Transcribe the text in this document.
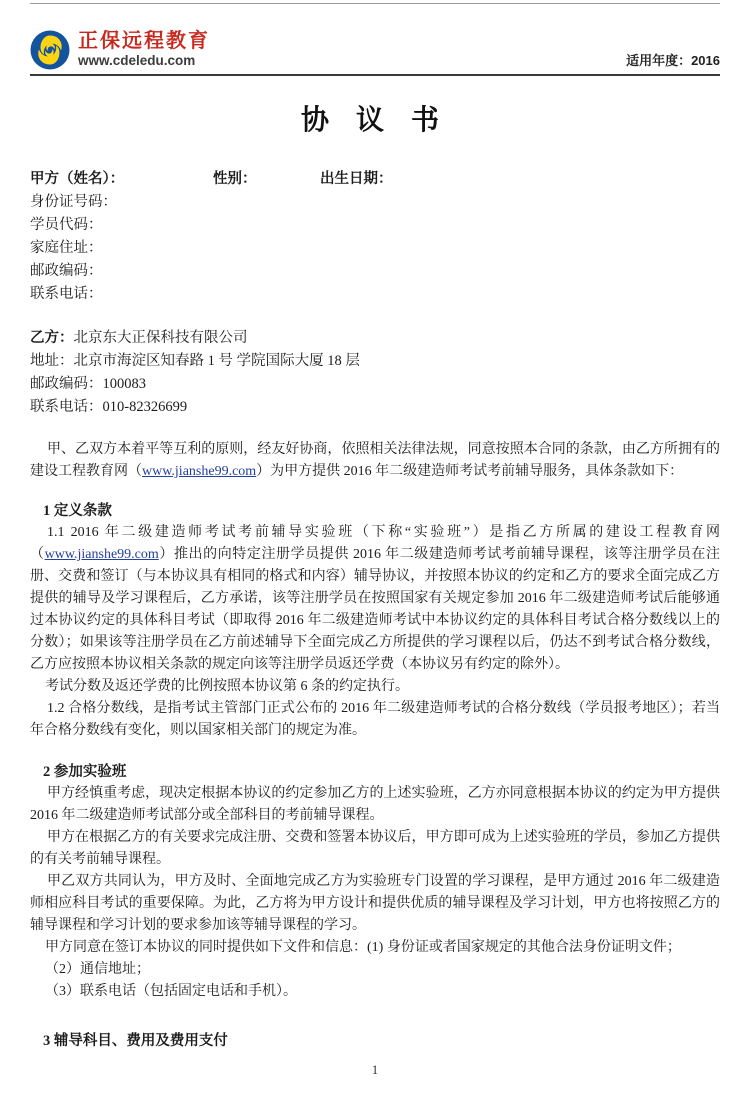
正保远程教育
www.cdeledu.com	适用年度：2016
协 议 书
甲方（姓名）：	性别：	出生日期：
身份证号码：
学员代码：
家庭住址：
邮政编码：
联系电话：
乙方：北京东大正保科技有限公司
地址：北京市海淀区知春路 1 号 学院国际大厦 18 层
邮政编码：100083
联系电话：010-82326699

甲、乙双方本着平等互利的原则，经友好协商，依照相关法律法规，同意按照本合同的条款，由乙方所拥有的建设工程教育网（www.jianshe99.com）为甲方提供 2016 年二级建造师考试考前辅导服务，具体条款如下：

1 定义条款

1.1 2016 年二级建造师考试考前辅导实验班（下称“实验班”）是指乙方所属的建设工程教育网（www.jianshe99.com）推出的向特定注册学员提供 2016 年二级建造师考试考前辅导课程，该等注册学员在注册、交费和签订（与本协议具有相同的格式和内容）辅导协议，并按照本协议的约定和乙方的要求全面完成乙方提供的辅导及学习课程后，乙方承诺，该等注册学员在按照国家有关规定参加 2016 年二级建造师考试后能够通过本协议约定的具体科目考试（即取得 2016 年二级建造师考试中本协议约定的具体科目考试合格分数线以上的分数）；如果该等注册学员在乙方前述辅导下全面完成乙方所提供的学习课程以后，仍达不到考试合格分数线，乙方应按照本协议相关条款的规定向该等注册学员返还学费（本协议另有约定的除外）。

考试分数及返还学费的比例按照本协议第 6 条的约定执行。

1.2 合格分数线，是指考试主管部门正式公布的 2016 年二级建造师考试的合格分数线（学员报考地区）；若当年合格分数线有变化，则以国家相关部门的规定为准。

2 参加实验班

甲方经慎重考虑，现决定根据本协议的约定参加乙方的上述实验班，乙方亦同意根据本协议的约定为甲方提供 2016 年二级建造师考试部分或全部科目的考前辅导课程。

甲方在根据乙方的有关要求完成注册、交费和签署本协议后，甲方即可成为上述实验班的学员，参加乙方提供的有关考前辅导课程。

甲乙双方共同认为，甲方及时、全面地完成乙方为实验班专门设置的学习课程，是甲方通过 2016 年二级建造师相应科目考试的重要保障。为此，乙方将为甲方设计和提供优质的辅导课程及学习计划，甲方也将按照乙方的辅导课程和学习计划的要求参加该等辅导课程的学习。

甲方同意在签订本协议的同时提供如下文件和信息：(1) 身份证或者国家规定的其他合法身份证明文件；

（2）通信地址；

（3）联系电话（包括固定电话和手机）。

3 辅导科目、费用及费用支付

1
